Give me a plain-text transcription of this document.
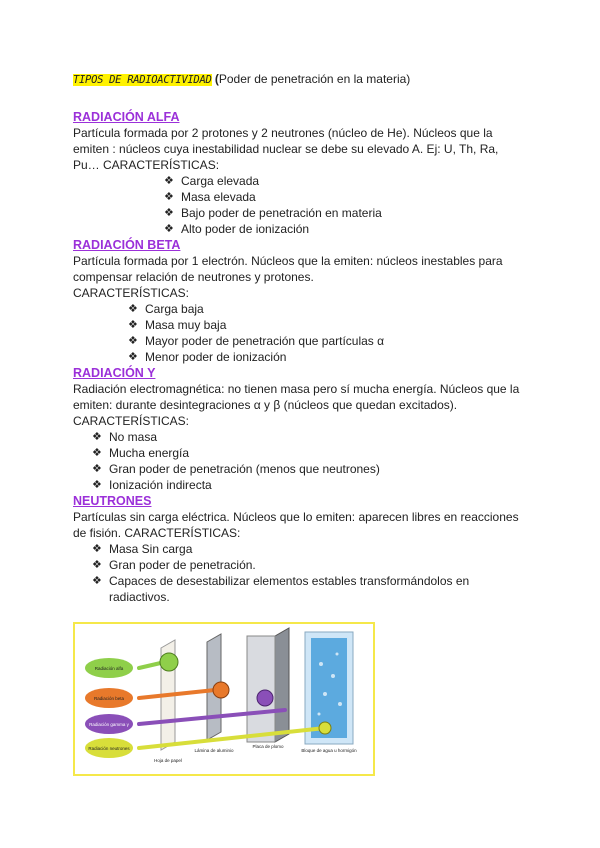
TIPOS DE RADIOACTIVIDAD (Poder de penetración en la materia)
RADIACIÓN ALFA
Partícula formada por 2 protones y 2 neutrones (núcleo de He). Núcleos que la
emiten : núcleos cuya inestabilidad nuclear se debe su elevado A. Ej: U, Th, Ra,
Pu… CARACTERÍSTICAS:
❖ Carga elevada
❖ Masa elevada
❖ Bajo poder de penetración en materia
❖ Alto poder de ionización
RADIACIÓN BETA
Partícula formada por 1 electrón. Núcleos que la emiten: núcleos inestables para
compensar relación de neutrones y protones.
CARACTERÍSTICAS:
❖ Carga baja
❖ Masa muy baja
❖ Mayor poder de penetración que partículas α
❖ Menor poder de ionización
RADIACIÓN Y
Radiación electromagnética: no tienen masa pero sí mucha energía. Núcleos que la
emiten: durante desintegraciones α y β (núcleos que quedan excitados).
CARACTERÍSTICAS:
❖ No masa
❖ Mucha energía
❖ Gran poder de penetración (menos que neutrones)
❖ Ionización indirecta
NEUTRONES
Partículas sin carga eléctrica. Núcleos que lo emiten: aparecen libres en reacciones
de fisión. CARACTERÍSTICAS:
❖ Masa Sin carga
❖ Gran poder de penetración.
❖ Capaces de desestabilizar elementos estables transformándolos en radiactivos.
Radiación alfa
Radiación beta
Radiación gamma γ
Radiación neutrones
Hoja de papel
Lámina de aluminio
Placa de plomo
Bloque de agua u hormigón
